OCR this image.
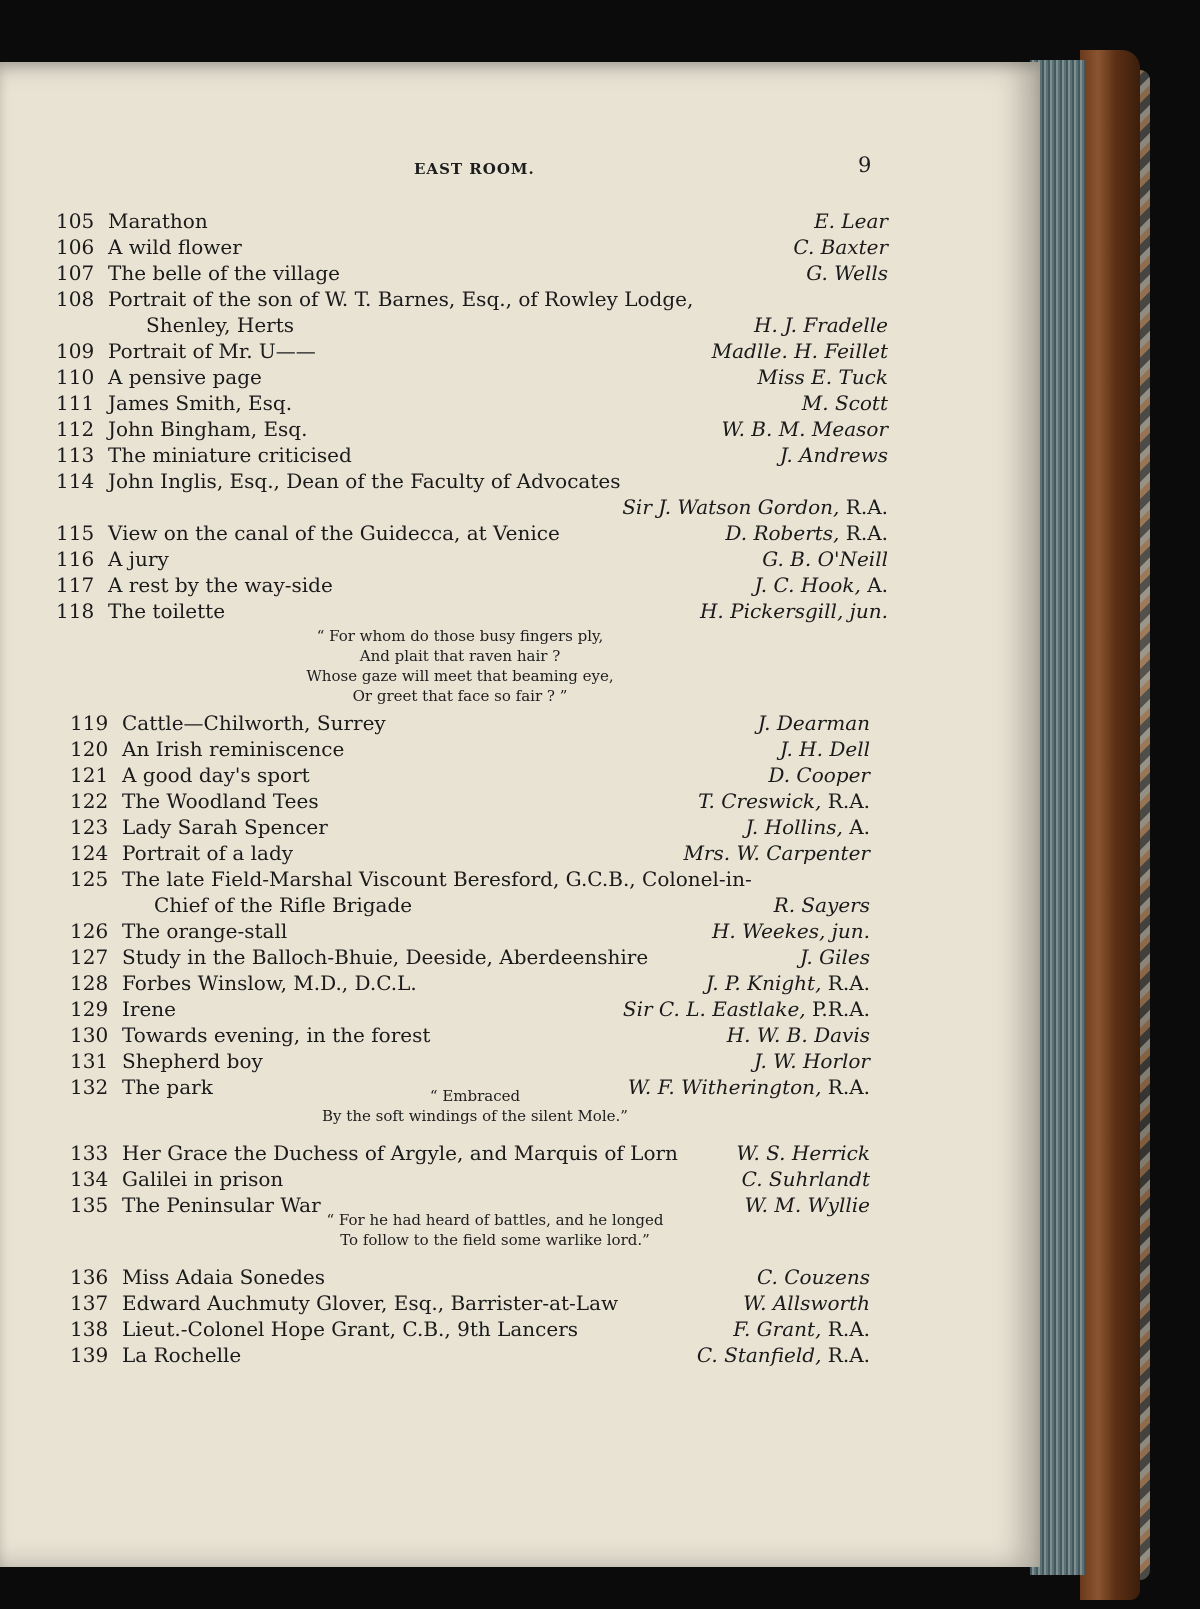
EAST ROOM.	9
105 Marathon	E. Lear
106 A wild flower	C. Baxter
107 The belle of the village	G. Wells
108 Portrait of the son of W. T. Barnes, Esq., of Rowley Lodge,
Shenley, Herts	H. J. Fradelle
109 Portrait of Mr. U——	Madlle. H. Feillet
110 A pensive page	Miss E. Tuck
111 James Smith, Esq.	M. Scott
112 John Bingham, Esq.	W. B. M. Measor
113 The miniature criticised	J. Andrews
114 John Inglis, Esq., Dean of the Faculty of Advocates
Sir J. Watson Gordon, R.A.
115 View on the canal of the Guidecca, at Venice	D. Roberts, R.A.
116 A jury	G. B. O'Neill
117 A rest by the way-side	J. C. Hook, A.
118 The toilette	H. Pickersgill, jun.
119 Cattle—Chilworth, Surrey	J. Dearman
120 An Irish reminiscence	J. H. Dell
121 A good day's sport	D. Cooper
122 The Woodland Tees	T. Creswick, R.A.
123 Lady Sarah Spencer	J. Hollins, A.
124 Portrait of a lady	Mrs. W. Carpenter
125 The late Field-Marshal Viscount Beresford, G.C.B., Colonel-in-
Chief of the Rifle Brigade	R. Sayers
126 The orange-stall	H. Weekes, jun.
127 Study in the Balloch-Bhuie, Deeside, Aberdeenshire	J. Giles
128 Forbes Winslow, M.D., D.C.L.	J. P. Knight, R.A.
129 Irene	Sir C. L. Eastlake, P.R.A.
130 Towards evening, in the forest	H. W. B. Davis
131 Shepherd boy	J. W. Horlor
132 The park	W. F. Witherington, R.A.
133 Her Grace the Duchess of Argyle, and Marquis of Lorn	W. S. Herrick
134 Galilei in prison	C. Suhrlandt
135 The Peninsular War	W. M. Wyllie
136 Miss Adaia Sonedes	C. Couzens
137 Edward Auchmuty Glover, Esq., Barrister-at-Law	W. Allsworth
138 Lieut.-Colonel Hope Grant, C.B., 9th Lancers	F. Grant, R.A.
139 La Rochelle	C. Stanfield, R.A.
“ For whom do those busy fingers ply,
And plait that raven hair ?
Whose gaze will meet that beaming eye,
Or greet that face so fair ? ”
“ Embraced
By the soft windings of the silent Mole.”
“ For he had heard of battles, and he longed
To follow to the field some warlike lord.”
